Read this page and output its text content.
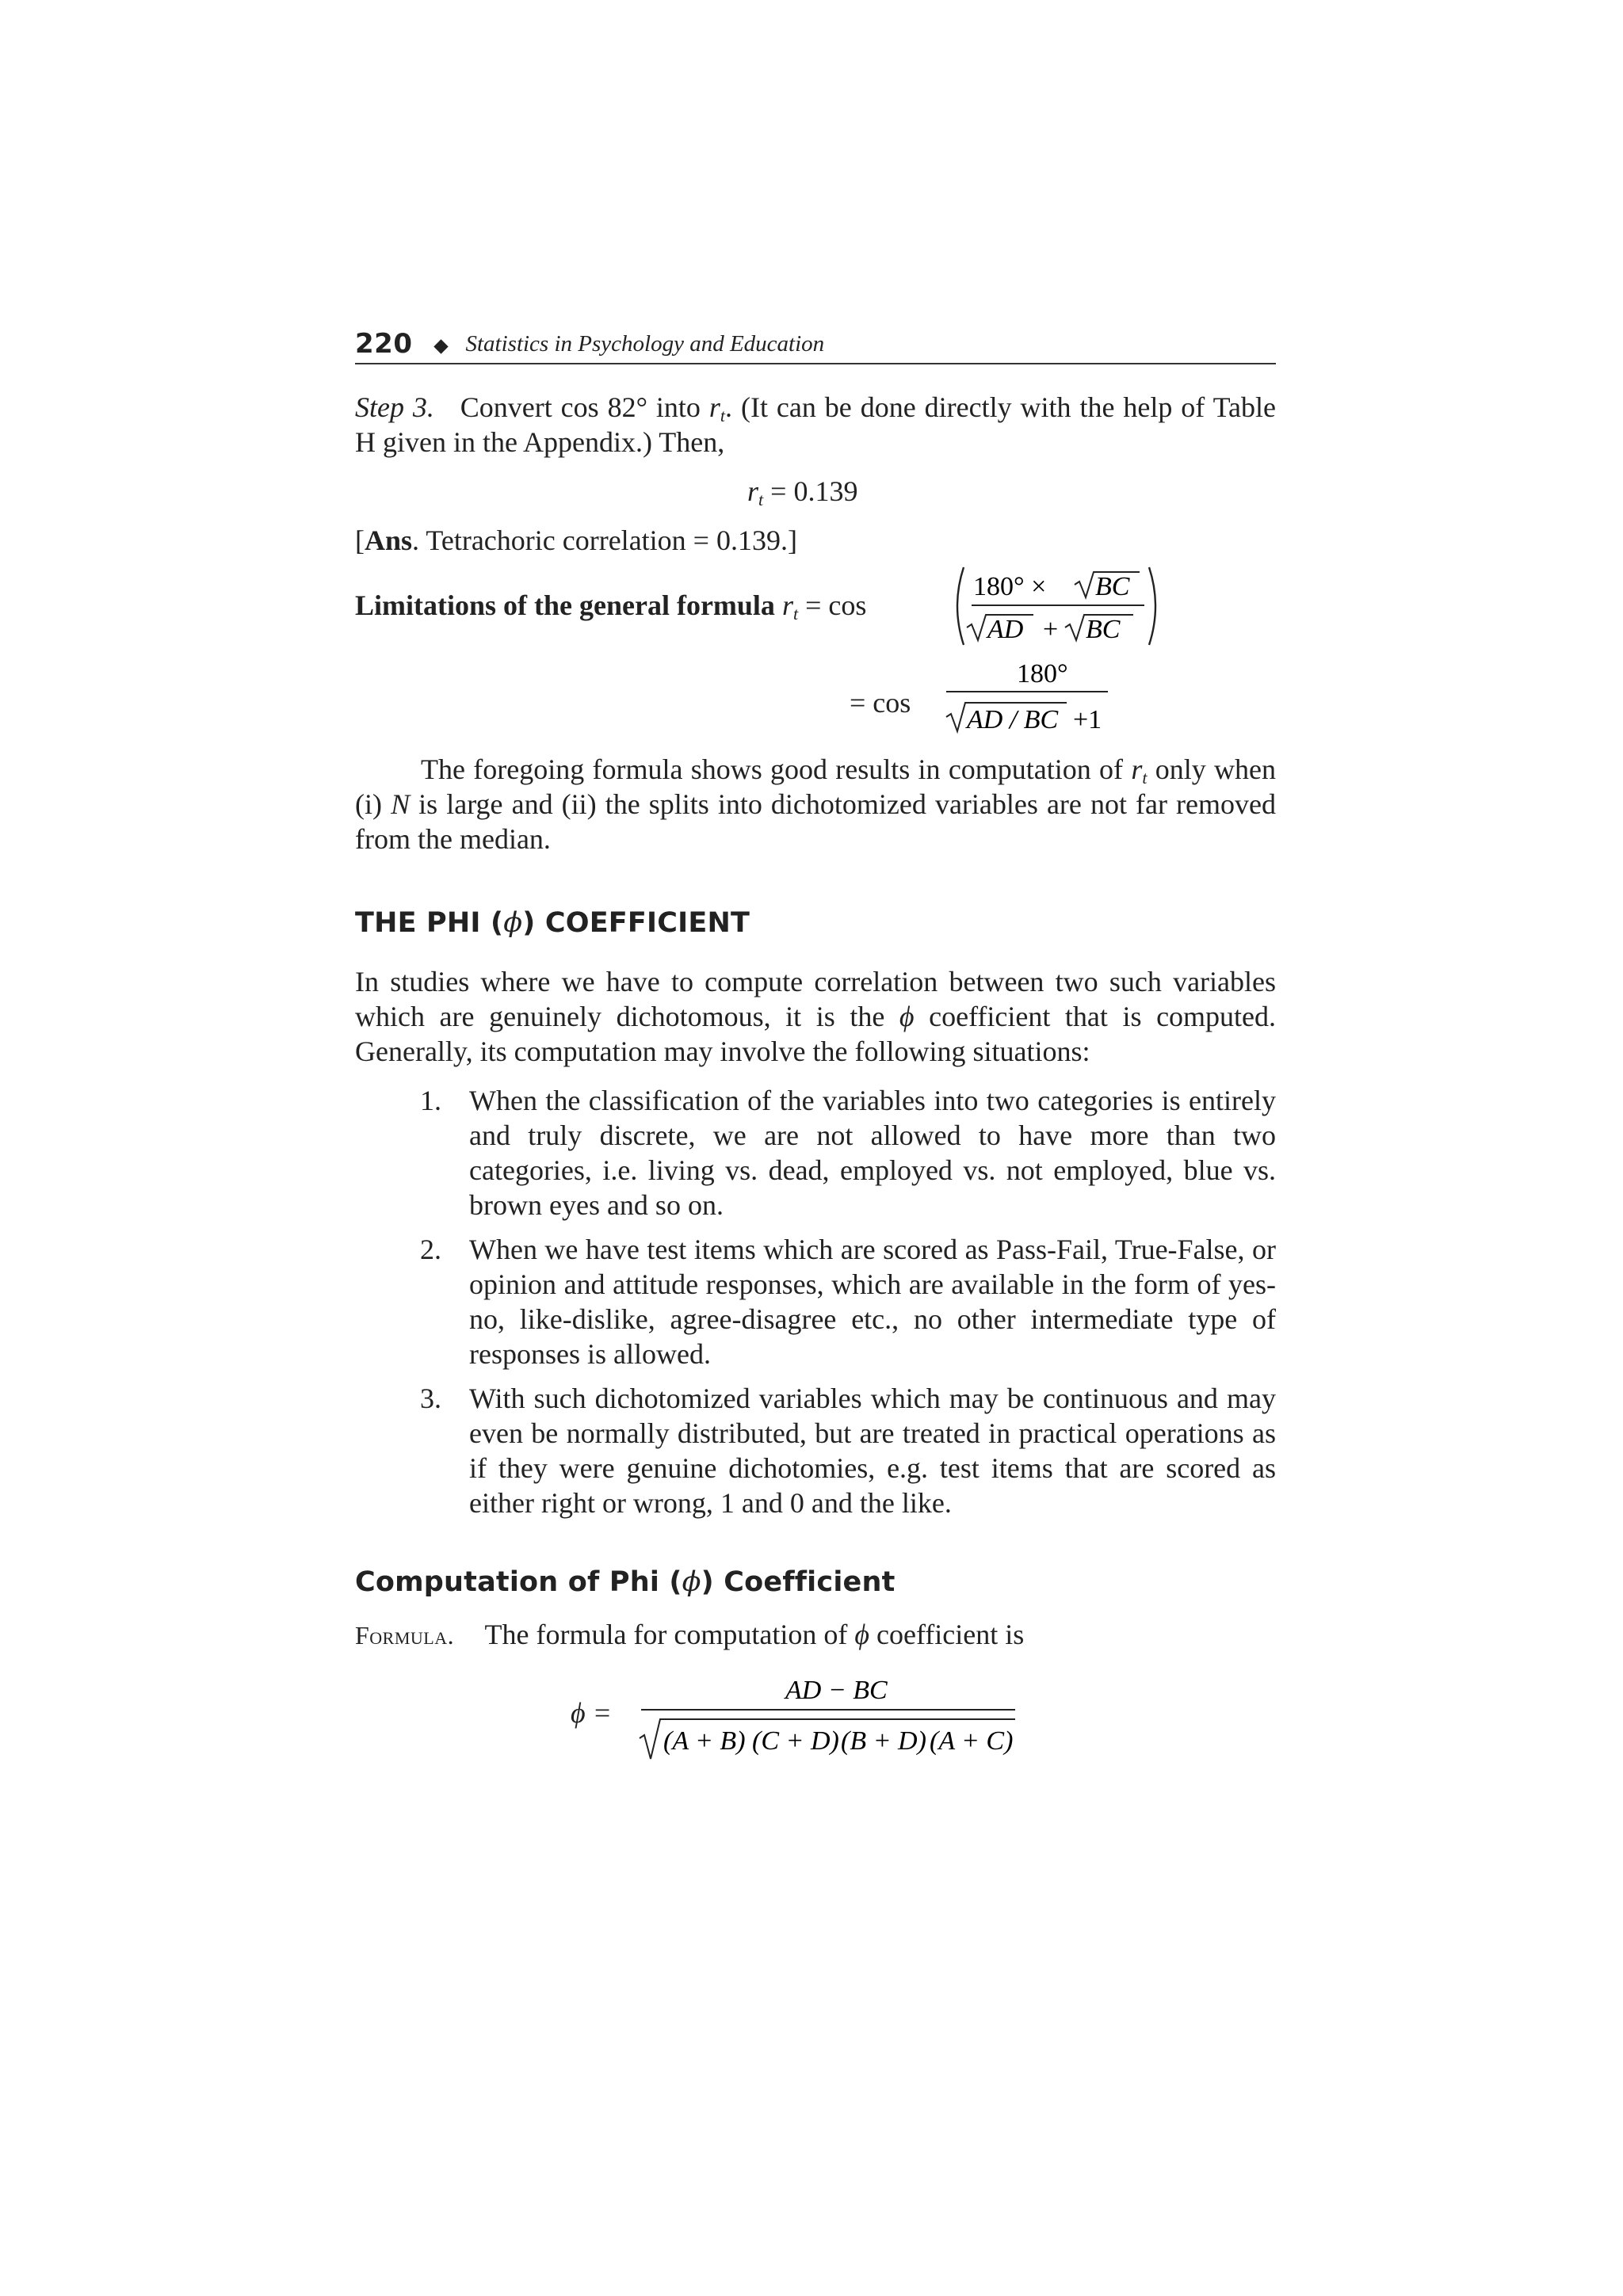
220 Statistics in Psychology and Education

Step 3. Convert cos 82° into $r_t$. (It can be done directly with the help of Table H given in the Appendix.) Then,

$r_t = 0.139$

[Ans. Tetrachoric correlation = 0.139.]

Limitations of the general formula $r_t = \cos$
180° × BC
AD + BC
= cos
180°
AD / BC +1

The foregoing formula shows good results in computation of $r_t$ only when (i) N is large and (ii) the splits into dichotomized variables are not far removed from the median.

THE PHI (ϕ) COEFFICIENT

In studies where we have to compute correlation between two such variables which are genuinely dichotomous, it is the ϕ coefficient that is computed. Generally, its computation may involve the following situations:

1. When the classification of the variables into two categories is entirely and truly discrete, we are not allowed to have more than two categories, i.e. living vs. dead, employed vs. not employed, blue vs. brown eyes and so on.
2. When we have test items which are scored as Pass-Fail, True-False, or opinion and attitude responses, which are available in the form of yes-no, like-dislike, agree-disagree etc., no other intermediate type of responses is allowed.
3. With such dichotomized variables which may be continuous and may even be normally distributed, but are treated in practical operations as if they were genuine dichotomies, e.g. test items that are scored as either right or wrong, 1 and 0 and the like.
Computation of Phi (ϕ) Coefficient

Formula. The formula for computation of ϕ coefficient is

ϕ =
AD − BC
(A + B) (C + D) (B + D) (A + C)
